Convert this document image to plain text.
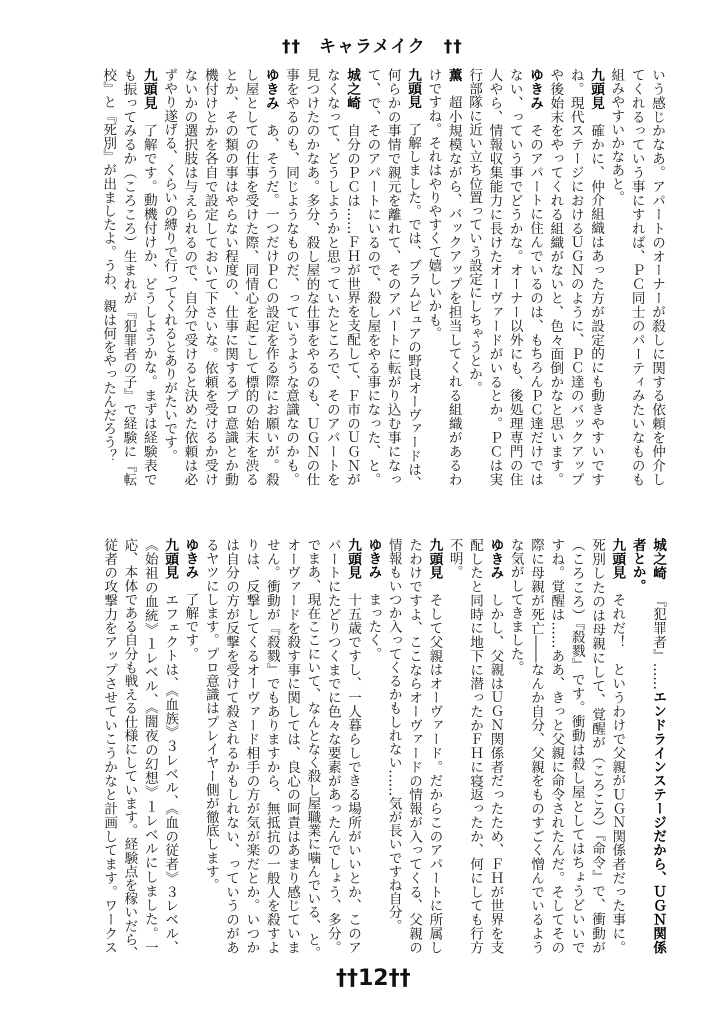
††　キャラメイク　††
いう感じかなあ。アパートのオーナーが殺しに関する依頼を仲介し
てくれるっていう事にすれば、ＰＣ同士のパーティみたいなものも
組みやすいかなあと。
九頭見確かに、仲介組織はあった方が設定的にも動きやすいです
ね。現代ステージにおけるＵＧＮのように、ＰＣ達のバックアップ
や後始末をやってくれる組織がないと、色々面倒かなと思います。
ゆきみそのアパートに住んでいるのは、もちろんＰＣ達だけでは
ない、っていう事でどうかな。オーナー以外にも、後処理専門の住
人やら、情報収集能力に長けたオーヴァードがいるとか。ＰＣは実
行部隊に近い立ち位置っていう設定にしちゃうとか。
薫超小規模ながら、バックアップを担当してくれる組織があるわ
けですね。それはやりやすくて嬉しいかも。
九頭見了解しました。では、ブラムピュアの野良オーヴァードは、
何らかの事情で親元を離れて、そのアパートに転がり込む事になっ
て、で、そのアパートにいるので、殺し屋をやる事になった、と。
城之崎自分のＰＣは……ＦＨが世界を支配して、Ｆ市のＵＧＮが
なくなって、どうしようかと思っていたところで、そのアパートを
見つけたのかなあ。多分、殺し屋的な仕事をやるのも、ＵＧＮの仕
事をやるのも、同じようなものだ、っていうような意識なのかも。
ゆきみあ、そうだ。一つだけＰＣの設定を作る際にお願いが。殺
し屋としての仕事を受けた際、同情心を起こして標的の始末を渋る
とか、その類の事はやらない程度の、仕事に関するプロ意識とか動
機付けとかを各自で設定しておいて下さいな。依頼を受けるか受け
ないかの選択肢は与えられるので、自分で受けると決めた依頼は必
ずやり遂げる、くらいの縛りで行ってくれるとありがたいです。
九頭見了解です。動機付けか、どうしようかな。まずは経験表で
も振ってみるか（ころころ）生まれが『犯罪者の子』で経験に『転
校』と『死別』が出ましたよ。うわ、親は何をやったんだろう？
城之崎『犯罪者』……エンドラインステージだから、ＵＧＮ関係
者とか。
九頭見それだ！　というわけで父親がＵＧＮ関係者だった事に。
死別したのは母親にして、覚醒が（ころころ）『命令』で、衝動が
（ころころ）『殺戮』です。衝動は殺し屋としてはちょうどいいで
すね。覚醒は……ああ、きっと父親に命令されたんだ。そしてその
際に母親が死亡――なんか自分、父親をものすごく憎んでいるよう
な気がしてきました。
ゆきみしかし、父親はＵＧＮ関係者だったため、ＦＨが世界を支
配したと同時に地下に潜ったかＦＨに寝返ったか、何にしても行方
不明。
九頭見そして父親はオーヴァード。だからこのアパートに所属し
たわけですよ、ここならオーヴァードの情報が入ってくる、父親の
情報もいつか入ってくるかもしれない……気が長いですね自分。
ゆきみまったく。
九頭見十五歳ですし、一人暮らしできる場所がいいとか、このア
パートにたどりつくまでに色々な要素があったんでしょう、多分。
でまあ、現在ここにいて、なんとなく殺し屋職業に噛んでいる、と。
オーヴァードを殺す事に関しては、良心の呵責はあまり感じていま
せん。衝動が『殺戮』でもありますから、無抵抗の一般人を殺すよ
りは、反撃してくるオーヴァード相手の方が気が楽だとか。いつか
は自分の方が反撃を受けて殺されるかもしれない、っていうのがあ
るヤツにします。プロ意識はプレイヤー側が徹底します。
ゆきみ了解です。
九頭見エフェクトは、《血族》３レベル、《血の従者》３レベル、
《始祖の血統》１レベル、《闇夜の幻想》１レベルにしました。一
応、本体である自分も戦える仕様にしています。経験点を稼いだら、
従者の攻撃力をアップさせていこうかなと計画してます。ワークス
††12††
